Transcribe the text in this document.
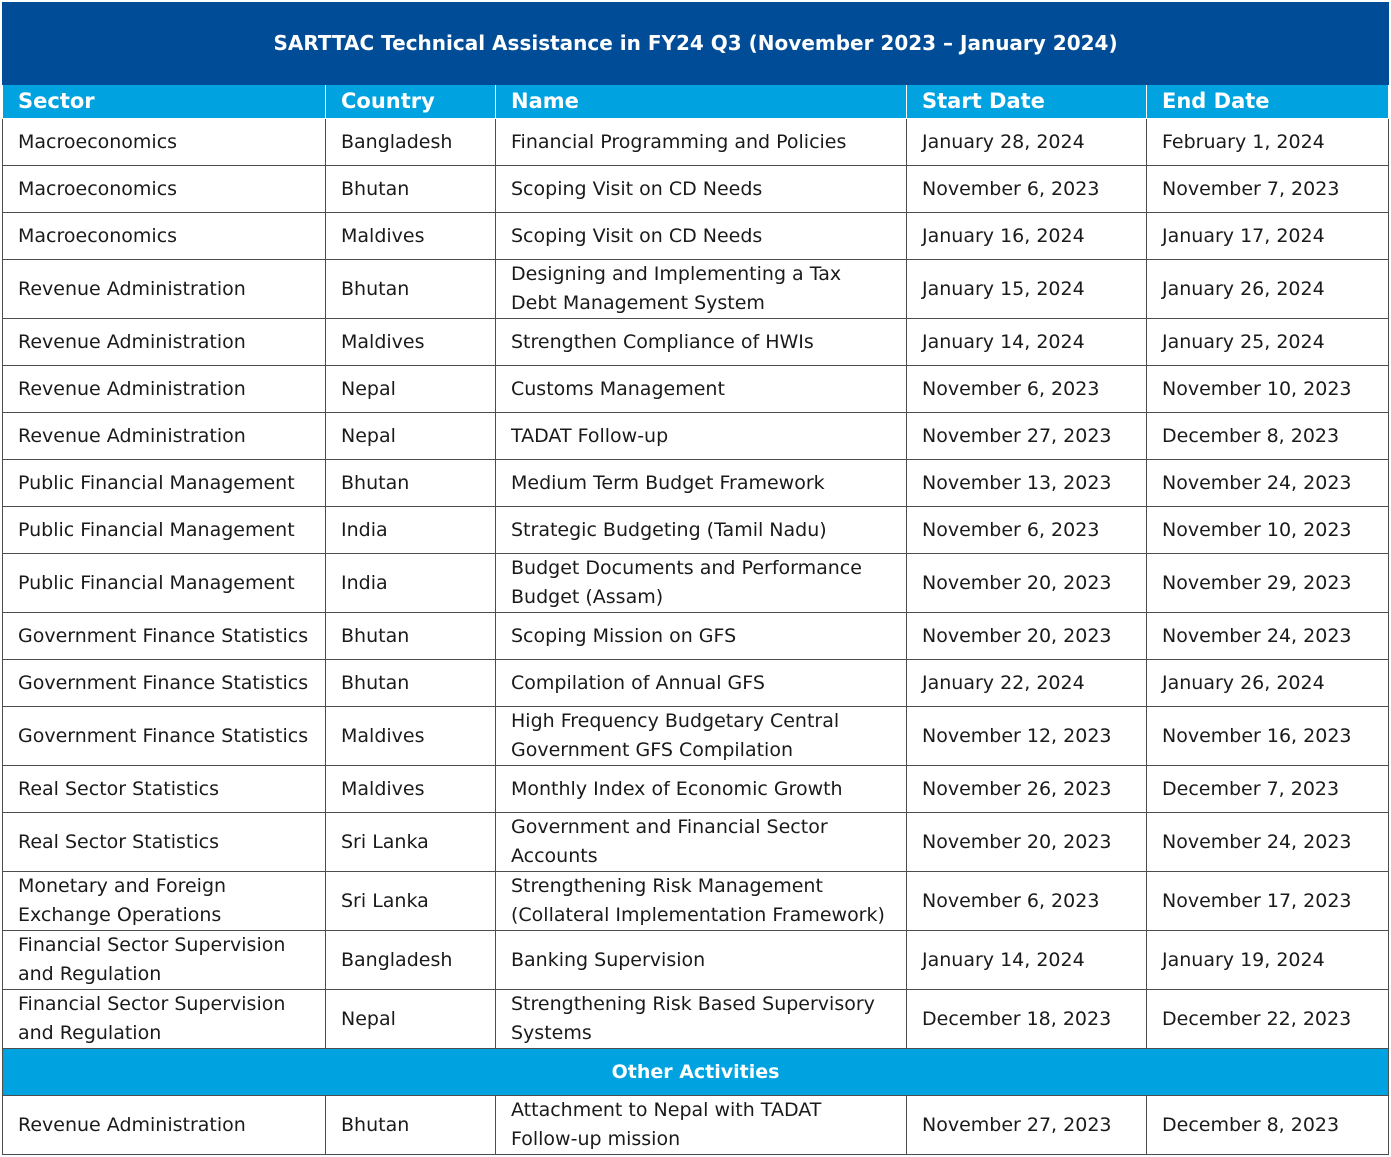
SARTTAC Technical Assistance in FY24 Q3 (November 2023 – January 2024)				
Sector	Country	Name	Start Date	End Date
Macroeconomics	Bangladesh	Financial Programming and Policies	January 28, 2024	February 1, 2024
Macroeconomics	Bhutan	Scoping Visit on CD Needs	November 6, 2023	November 7, 2023
Macroeconomics	Maldives	Scoping Visit on CD Needs	January 16, 2024	January 17, 2024
Revenue Administration	Bhutan	Designing and Implementing a Tax Debt Management System	January 15, 2024	January 26, 2024
Revenue Administration	Maldives	Strengthen Compliance of HWIs	January 14, 2024	January 25, 2024
Revenue Administration	Nepal	Customs Management	November 6, 2023	November 10, 2023
Revenue Administration	Nepal	TADAT Follow-up	November 27, 2023	December 8, 2023
Public Financial Management	Bhutan	Medium Term Budget Framework	November 13, 2023	November 24, 2023
Public Financial Management	India	Strategic Budgeting (Tamil Nadu)	November 6, 2023	November 10, 2023
Public Financial Management	India	Budget Documents and Performance Budget (Assam)	November 20, 2023	November 29, 2023
Government Finance Statistics	Bhutan	Scoping Mission on GFS	November 20, 2023	November 24, 2023
Government Finance Statistics	Bhutan	Compilation of Annual GFS	January 22, 2024	January 26, 2024
Government Finance Statistics	Maldives	High Frequency Budgetary Central Government GFS Compilation	November 12, 2023	November 16, 2023
Real Sector Statistics	Maldives	Monthly Index of Economic Growth	November 26, 2023	December 7, 2023
Real Sector Statistics	Sri Lanka	Government and Financial Sector Accounts	November 20, 2023	November 24, 2023
Monetary and Foreign Exchange Operations	Sri Lanka	Strengthening Risk Management (Collateral Implementation Framework)	November 6, 2023	November 17, 2023
Financial Sector Supervision and Regulation	Bangladesh	Banking Supervision	January 14, 2024	January 19, 2024
Financial Sector Supervision and Regulation	Nepal	Strengthening Risk Based Supervisory Systems	December 18, 2023	December 22, 2023
Other Activities				
Revenue Administration	Bhutan	Attachment to Nepal with TADAT Follow-up mission	November 27, 2023	December 8, 2023
